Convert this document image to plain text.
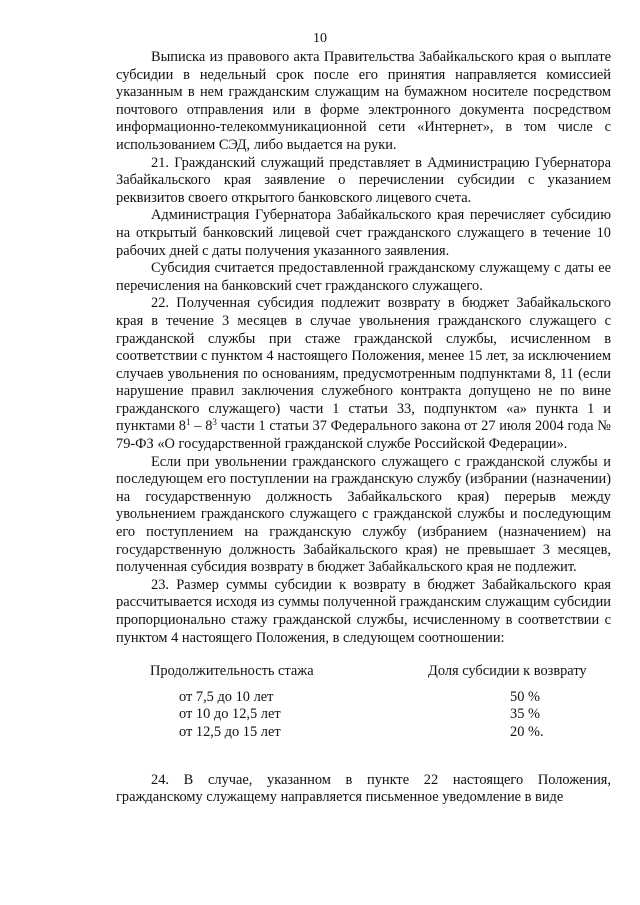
10

Выписка из правового акта Правительства Забайкальского края о выплате субсидии в недельный срок после его принятия направляется комиссией указанным в нем гражданским служащим на бумажном носителе посредством почтового отправления или в форме электронного документа посредством информационно-телекоммуникационной сети «Интернет», в том числе с использованием СЭД, либо выдается на руки.

21. Гражданский служащий представляет в Администрацию Губернатора Забайкальского края заявление о перечислении субсидии с указанием реквизитов своего открытого банковского лицевого счета.

Администрация Губернатора Забайкальского края перечисляет субсидию на открытый банковский лицевой счет гражданского служащего в течение 10 рабочих дней с даты получения указанного заявления.

Субсидия считается предоставленной гражданскому служащему с даты ее перечисления на банковский счет гражданского служащего.

22. Полученная субсидия подлежит возврату в бюджет Забайкальского края в течение 3 месяцев в случае увольнения гражданского служащего с гражданской службы при стаже гражданской службы, исчисленном в соответствии с пунктом 4 настоящего Положения, менее 15 лет, за исключением случаев увольнения по основаниям, предусмотренным подпунктами 8, 11 (если нарушение правил заключения служебного контракта допущено не по вине гражданского служащего) части 1 статьи 33, подпунктом «а» пункта 1 и пунктами $8^1 - 8^3$ части 1 статьи 37 Федерального закона от 27 июля 2004 года № 79-ФЗ «О государственной гражданской службе Российской Федерации».

Если при увольнении гражданского служащего с гражданской службы и последующем его поступлении на гражданскую службу (избрании (назначении) на государственную должность Забайкальского края) перерыв между увольнением гражданского служащего с гражданской службы и последующим его поступлением на гражданскую службу (избранием (назначением) на государственную должность Забайкальского края) не превышает 3 месяцев, полученная субсидия возврату в бюджет Забайкальского края не подлежит.

23. Размер суммы субсидии к возврату в бюджет Забайкальского края рассчитывается исходя из суммы полученной гражданским служащим субсидии пропорционально стажу гражданской службы, исчисленному в соответствии с пунктом 4 настоящего Положения, в следующем соотношении:

Продолжительность стажа	Доля субсидии к возврату
от 7,5 до 10 лет	50 %
от 10 до 12,5 лет	35 %
от 12,5 до 15 лет	20 %.

24. В случае, указанном в пункте 22 настоящего Положения, гражданскому служащему направляется письменное уведомление в виде
